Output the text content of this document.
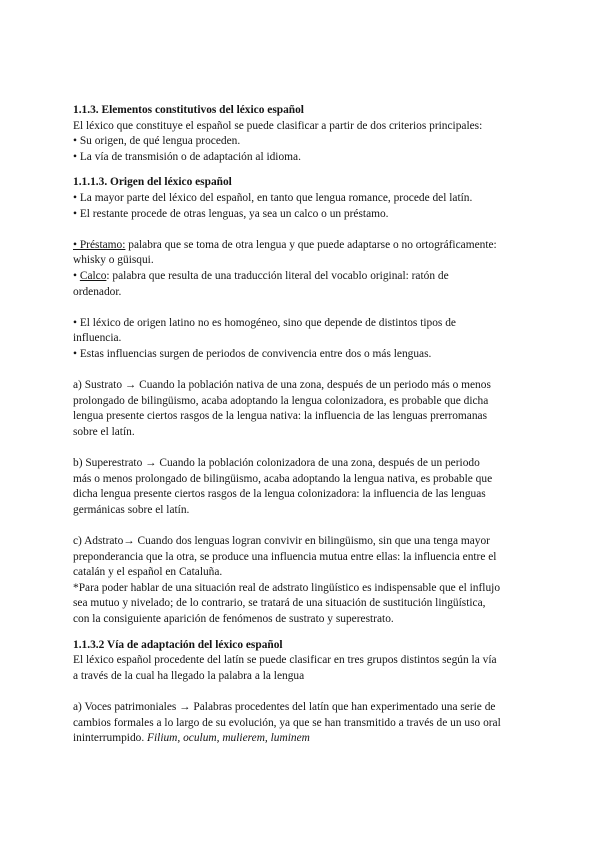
1.1.3. Elementos constitutivos del léxico español

El léxico que constituye el español se puede clasificar a partir de dos criterios principales:

• Su origen, de qué lengua proceden.

• La vía de transmisión o de adaptación al idioma.

1.1.1.3. Origen del léxico español

• La mayor parte del léxico del español, en tanto que lengua romance, procede del latín.

• El restante procede de otras lenguas, ya sea un calco o un préstamo.

• Préstamo: palabra que se toma de otra lengua y que puede adaptarse o no ortográficamente:

whisky o güisqui.

• Calco: palabra que resulta de una traducción literal del vocablo original: ratón de

ordenador.

• El léxico de origen latino no es homogéneo, sino que depende de distintos tipos de

influencia.

• Estas influencias surgen de periodos de convivencia entre dos o más lenguas.

a) Sustrato → Cuando la población nativa de una zona, después de un periodo más o menos

prolongado de bilingüismo, acaba adoptando la lengua colonizadora, es probable que dicha

lengua presente ciertos rasgos de la lengua nativa: la influencia de las lenguas prerromanas

sobre el latín.

b) Superestrato → Cuando la población colonizadora de una zona, después de un periodo

más o menos prolongado de bilingüismo, acaba adoptando la lengua nativa, es probable que

dicha lengua presente ciertos rasgos de la lengua colonizadora: la influencia de las lenguas

germánicas sobre el latín.

c) Adstrato→ Cuando dos lenguas logran convivir en bilingüismo, sin que una tenga mayor

preponderancia que la otra, se produce una influencia mutua entre ellas: la influencia entre el

catalán y el español en Cataluña.

*Para poder hablar de una situación real de adstrato lingüístico es indispensable que el influjo

sea mutuo y nivelado; de lo contrario, se tratará de una situación de sustitución lingüística,

con la consiguiente aparición de fenómenos de sustrato y superestrato.

1.1.3.2 Vía de adaptación del léxico español

El léxico español procedente del latín se puede clasificar en tres grupos distintos según la vía

a través de la cual ha llegado la palabra a la lengua

a) Voces patrimoniales → Palabras procedentes del latín que han experimentado una serie de

cambios formales a lo largo de su evolución, ya que se han transmitido a través de un uso oral

ininterrumpido. Filium, oculum, mulierem, luminem
